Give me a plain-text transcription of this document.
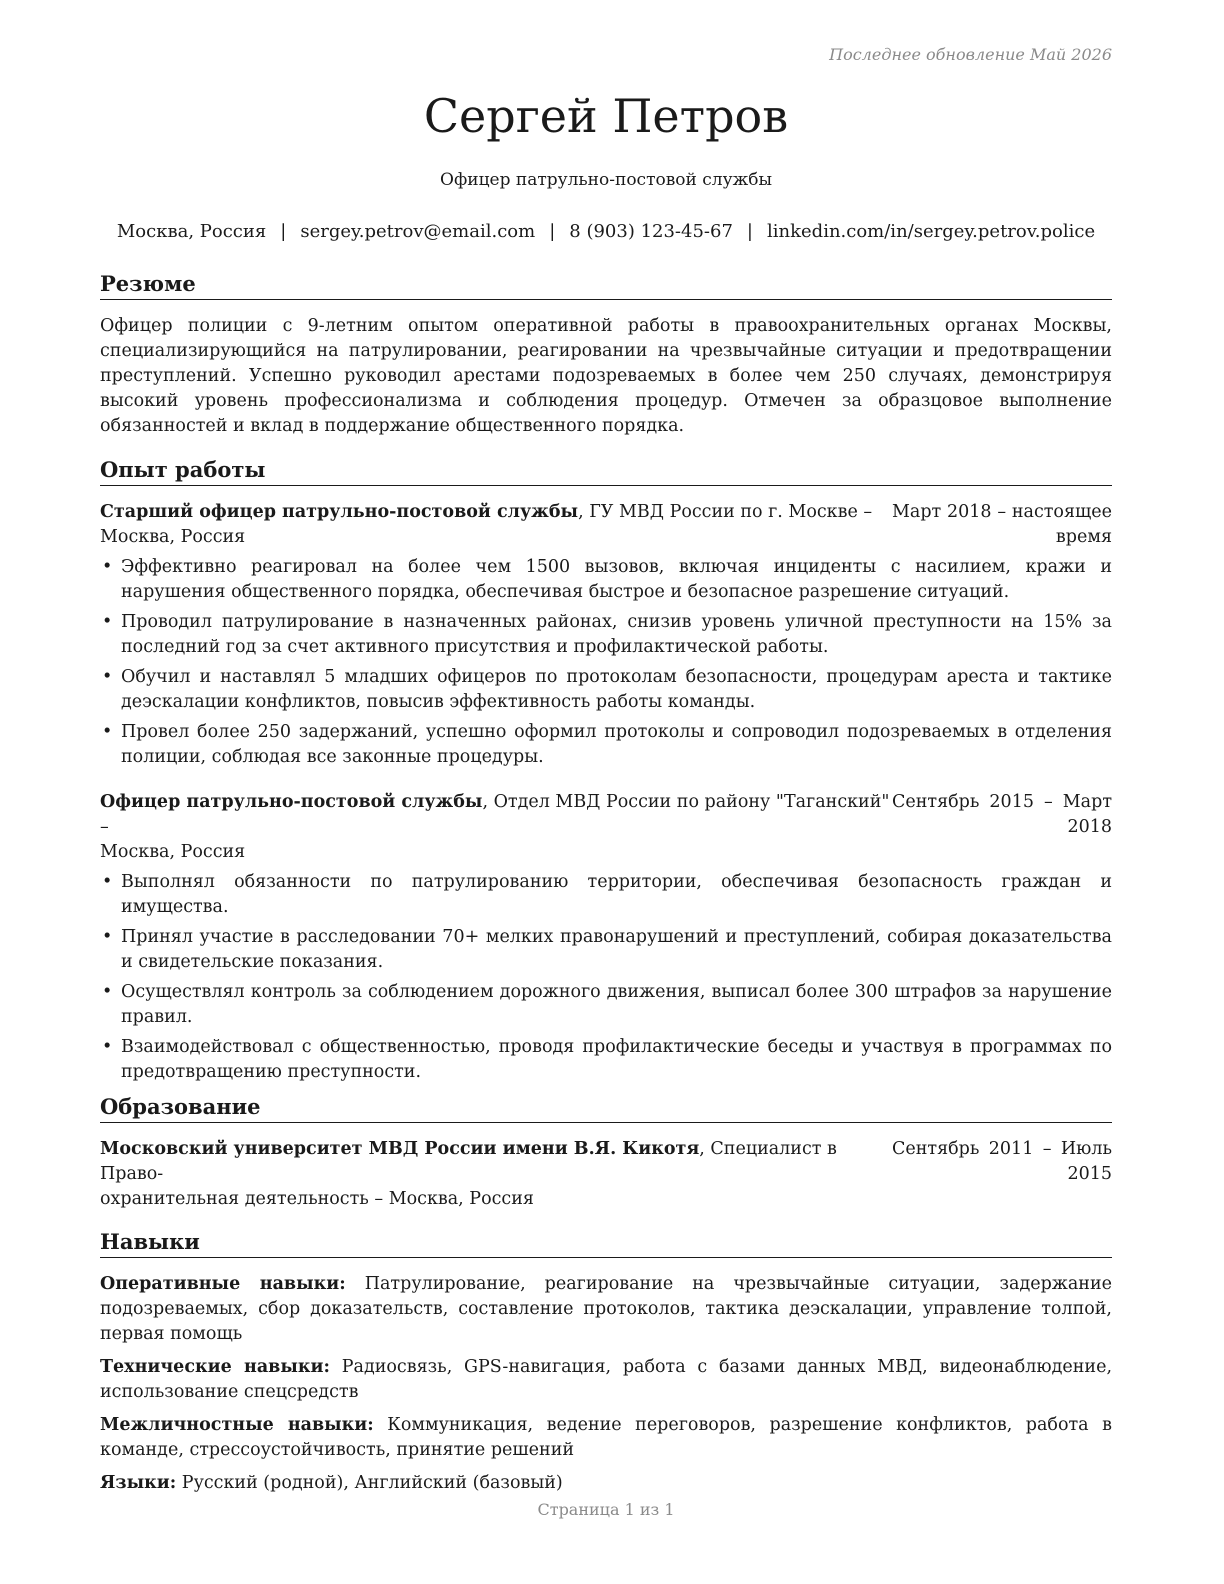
Последнее обновление Май 2026
Сергей Петров
Офицер патрульно-постовой службы
Москва, Россия | sergey.petrov@email.com | 8 (903) 123-45-67 | linkedin.com/in/sergey.petrov.police
Резюме

Офицер полиции с 9-летним опытом оперативной работы в правоохранительных органах Москвы, специализирующийся на патрулировании, реагировании на чрезвычайные ситуации и предотвращении преступлений. Успешно руководил арестами подозреваемых в более чем 250 случаях, демонстрируя высокий уровень профессионализма и соблюдения процедур. Отмечен за образцовое выполнение обязанностей и вклад в поддержание общественного порядка.

Опыт работы
Старший офицер патрульно-постовой службы, ГУ МВД России по г. Москве –
Москва, Россия
Март 2018 – настоящее

время
• Эффективно реагировал на более чем 1500 вызовов, включая инциденты с насилием, кражи и нарушения общественного порядка, обеспечивая быстрое и безопасное разрешение ситуаций.
• Проводил патрулирование в назначенных районах, снизив уровень уличной преступности на 15% за последний год за счет активного присутствия и профилактической работы.
• Обучил и наставлял 5 младших офицеров по протоколам безопасности, процедурам ареста и тактике деэскалации конфликтов, повысив эффективность работы команды.
• Провел более 250 задержаний, успешно оформил протоколы и сопроводил подозреваемых в отделения полиции, соблюдая все законные процедуры.
Офицер патрульно-постовой службы, Отдел МВД России по району "Таганский" –
Москва, Россия
Сентябрь 2015 – Март

2018
• Выполнял обязанности по патрулированию территории, обеспечивая безопасность граждан и имущества.
• Принял участие в расследовании 70+ мелких правонарушений и преступлений, собирая доказательства и свидетельские показания.
• Осуществлял контроль за соблюдением дорожного движения, выписал более 300 штрафов за нарушение правил.
• Взаимодействовал с общественностью, проводя профилактические беседы и участвуя в программах по предотвращению преступности.
Образование
Московский университет МВД России имени В.Я. Кикотя, Специалист в Право-
охранительная деятельность – Москва, Россия
Сентябрь 2011 – Июль

2015
Навыки

Оперативные навыки: Патрулирование, реагирование на чрезвычайные ситуации, задержание подозреваемых, сбор доказательств, составление протоколов, тактика деэскалации, управление толпой, первая помощь

Технические навыки: Радиосвязь, GPS-навигация, работа с базами данных МВД, видеонаблюдение, использование спецсредств

Межличностные навыки: Коммуникация, ведение переговоров, разрешение конфликтов, работа в команде, стрессоустойчивость, принятие решений

Языки: Русский (родной), Английский (базовый)

Страница 1 из 1
